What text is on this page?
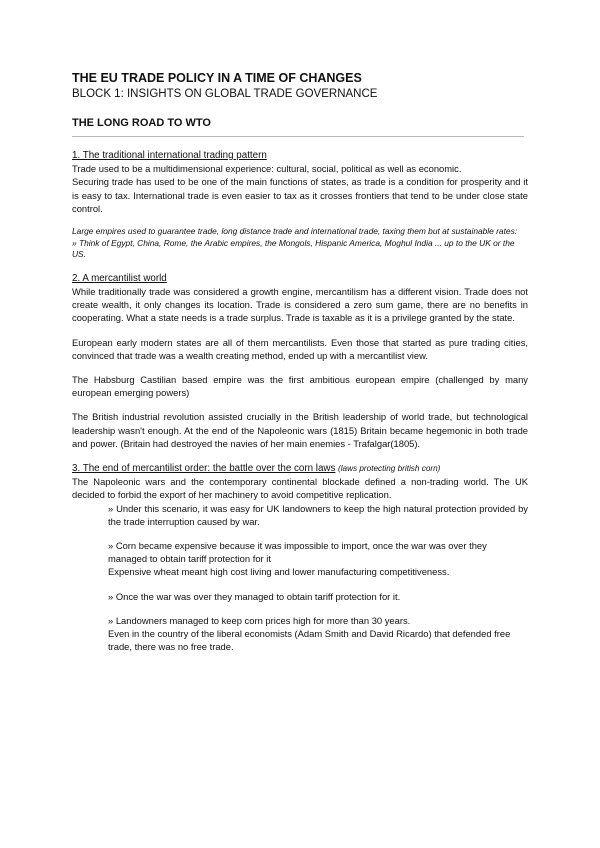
THE EU TRADE POLICY IN A TIME OF CHANGES

BLOCK 1: INSIGHTS ON GLOBAL TRADE GOVERNANCE

THE LONG ROAD TO WTO

1. The traditional international trading pattern

Trade used to be a multidimensional experience: cultural, social, political as well as economic.

Securing trade has used to be one of the main functions of states, as trade is a condition for prosperity and it is easy to tax. International trade is even easier to tax as it crosses frontiers that tend to be under close state control.

Large empires used to guarantee trade, long distance trade and international trade, taxing them but at sustainable rates:

» Think of Egypt, China, Rome, the Arabic empires, the Mongols, Hispanic America, Moghul India ... up to the UK or the US.

2. A mercantilist world

While traditionally trade was considered a growth engine, mercantilism has a different vision. Trade does not create wealth, it only changes its location. Trade is considered a zero sum game, there are no benefits in cooperating. What a state needs is a trade surplus. Trade is taxable as it is a privilege granted by the state.

European early modern states are all of them mercantilists. Even those that started as pure trading cities, convinced that trade was a wealth creating method, ended up with a mercantilist view.

The Habsburg Castilian based empire was the first ambitious european empire (challenged by many european emerging powers)

The British industrial revolution assisted crucially in the British leadership of world trade, but technological leadership wasn't enough. At the end of the Napoleonic wars (1815) Britain became hegemonic in both trade and power. (Britain had destroyed the navies of her main enemies - Trafalgar(1805).

3. The end of mercantilist order: the battle over the corn laws (laws protecting british corn)

The Napoleonic wars and the contemporary continental blockade defined a non-trading world. The UK decided to forbid the export of her machinery to avoid competitive replication.

» Under this scenario, it was easy for UK landowners to keep the high natural protection provided by the trade interruption caused by war.

» Corn became expensive because it was impossible to import, once the war was over they managed to obtain tariff protection for it

Expensive wheat meant high cost living and lower manufacturing competitiveness.

» Once the war was over they managed to obtain tariff protection for it.

» Landowners managed to keep corn prices high for more than 30 years.

Even in the country of the liberal economists (Adam Smith and David Ricardo) that defended free trade, there was no free trade.
